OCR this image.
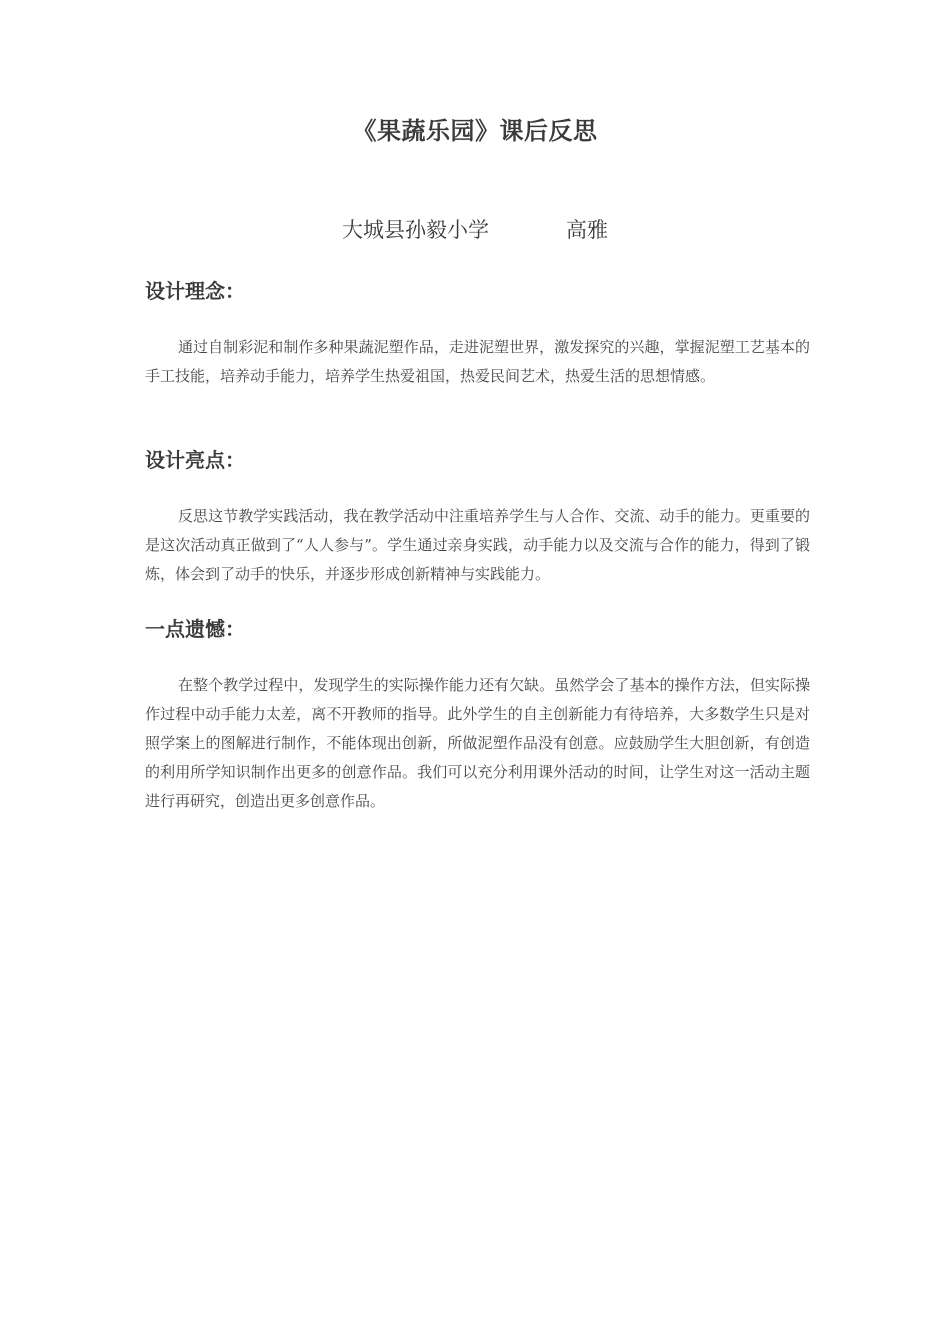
《果蔬乐园》课后反思
大城县孙毅小学	高雅
设计理念：

通过自制彩泥和制作多种果蔬泥塑作品，走进泥塑世界，激发探究的兴趣，掌握泥塑工艺基本的手工技能，培养动手能力，培养学生热爱祖国，热爱民间艺术，热爱生活的思想情感。

设计亮点：

反思这节教学实践活动，我在教学活动中注重培养学生与人合作、交流、动手的能力。更重要的是这次活动真正做到了“人人参与”。学生通过亲身实践，动手能力以及交流与合作的能力，得到了锻炼，体会到了动手的快乐，并逐步形成创新精神与实践能力。

一点遗憾：

在整个教学过程中，发现学生的实际操作能力还有欠缺。虽然学会了基本的操作方法，但实际操作过程中动手能力太差，离不开教师的指导。此外学生的自主创新能力有待培养，大多数学生只是对照学案上的图解进行制作，不能体现出创新，所做泥塑作品没有创意。应鼓励学生大胆创新，有创造的利用所学知识制作出更多的创意作品。我们可以充分利用课外活动的时间，让学生对这一活动主题进行再研究，创造出更多创意作品。
